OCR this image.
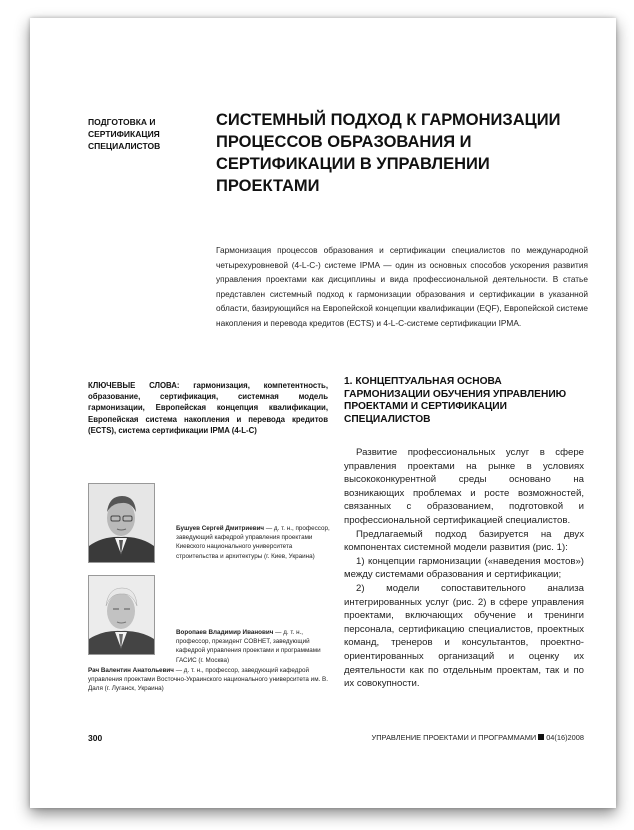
ПОДГОТОВКА И СЕРТИФИКАЦИЯ СПЕЦИАЛИСТОВ
СИСТЕМНЫЙ ПОДХОД К ГАРМОНИЗАЦИИ ПРОЦЕССОВ ОБРАЗОВАНИЯ И СЕРТИФИКАЦИИ В УПРАВЛЕНИИ ПРОЕКТАМИ
Гармонизация процессов образования и сертификации специалистов по международной четырехуровневой (4-L-C-) системе IPMA — один из основных способов ускорения развития управления проектами как дисциплины и вида профессиональной деятельности. В статье представлен системный подход к гармонизации образования и сертификации в указанной области, базирующийся на Европейской концепции квалификации (EQF), Европейской системе накопления и перевода кредитов (ECTS) и 4-L-C-системе сертификации IPMA.
КЛЮЧЕВЫЕ СЛОВА: гармонизация, компетентность, образование, сертификация, системная модель гармонизации, Европейская концепция квалификации, Европейская система накопления и перевода кредитов (ECTS), система сертификации IPMA (4-L-C)
1. КОНЦЕПТУАЛЬНАЯ ОСНОВА ГАРМОНИЗАЦИИ ОБУЧЕНИЯ УПРАВЛЕНИЮ ПРОЕКТАМИ И СЕРТИФИКАЦИИ СПЕЦИАЛИСТОВ

Развитие профессиональных услуг в сфере управления проектами на рынке в условиях высококонкурентной среды основано на возникающих проблемах и росте возможностей, связанных с образованием, подготовкой и профессиональной сертификацией специалистов.

Предлагаемый подход базируется на двух компонентах системной модели развития (рис. 1):

1) концепции гармонизации («наведения мостов») между системами образования и сертификации;

2) модели сопоставительного анализа интегрированных услуг (рис. 2) в сфере управления проектами, включающих обучение и тренинги персонала, сертификацию специалистов, проектных команд, тренеров и консультантов, проектно-ориентированных организаций и оценку их деятельности как по отдельным проектам, так и по их совокупности.

Бушуев Сергей Дмитриевич — д. т. н., профессор, заведующий кафедрой управления проектами Киевского национального университета строительства и архитектуры (г. Киев, Украина)
Воропаев Владимир Иванович — д. т. н., профессор, президент СОВНЕТ, заведующий кафедрой управления проектами и программами ГАСИС (г. Москва)
Рач Валентин Анатольевич — д. т. н., профессор, заведующий кафедрой управления проектами Восточно-Украинского национального университета им. В. Даля (г. Луганск, Украина)
300	УПРАВЛЕНИЕ ПРОЕКТАМИ И ПРОГРАММАМИ 04(16)2008
